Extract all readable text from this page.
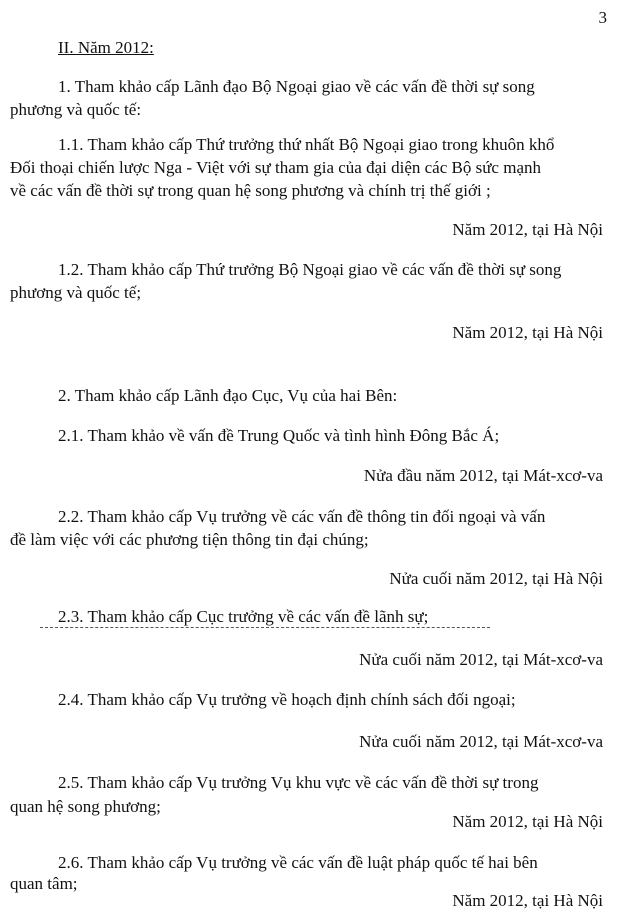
3
II. Năm 2012:
1. Tham khảo cấp Lãnh đạo Bộ Ngoại giao về các vấn đề thời sự song
phương và quốc tế:
1.1. Tham khảo cấp Thứ trưởng thứ nhất Bộ Ngoại giao trong khuôn khổ
Đối thoại chiến lược Nga - Việt với sự tham gia của đại diện các Bộ sức mạnh
về các vấn đề thời sự trong quan hệ song phương và chính trị thế giới ;
Năm 2012, tại Hà Nội
1.2. Tham khảo cấp Thứ trưởng Bộ Ngoại giao về các vấn đề thời sự song
phương và quốc tế;
Năm 2012, tại Hà Nội
2. Tham khảo cấp Lãnh đạo Cục, Vụ của hai Bên:
2.1. Tham khảo về vấn đề Trung Quốc và tình hình Đông Bắc Á;
Nửa đầu năm 2012, tại Mát-xcơ-va
2.2. Tham khảo cấp Vụ trưởng về các vấn đề thông tin đối ngoại và vấn
đề làm việc với các phương tiện thông tin đại chúng;
Nửa cuối năm 2012, tại Hà Nội
2.3. Tham khảo cấp Cục trưởng về các vấn đề lãnh sự;
Nửa cuối năm 2012, tại Mát-xcơ-va
2.4. Tham khảo cấp Vụ trưởng về hoạch định chính sách đối ngoại;
Nửa cuối năm 2012, tại Mát-xcơ-va
2.5. Tham khảo cấp Vụ trưởng Vụ khu vực về các vấn đề thời sự trong
quan hệ song phương;
Năm 2012, tại Hà Nội
2.6. Tham khảo cấp Vụ trưởng về các vấn đề luật pháp quốc tế hai bên
quan tâm;
Năm 2012, tại Hà Nội
